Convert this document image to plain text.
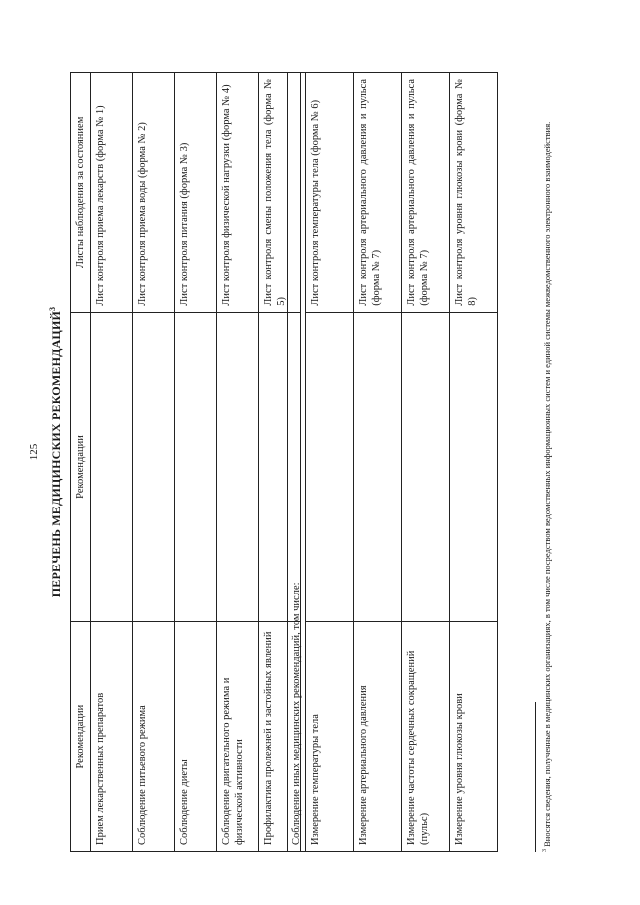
125 ПЕРЕЧЕНЬ МЕДИЦИНСКИХ РЕКОМЕНДАЦИЙ$^3$
Рекомендации	Рекомендации	Листы наблюдения за состоянием
Прием лекарственных препаратов		Лист контроля приема лекарств (форма № 1)
Соблюдение питьевого режима		Лист контроля приема воды (форма № 2)
Соблюдение диеты		Лист контроля питания (форма № 3)
Соблюдение двигательного режима и физической активности		Лист контроля физической нагрузки (форма № 4)
Профилактика пролежней и застойных явлений		Лист контроля смены положения тела (форма № 5)
Соблюдение иных медицинских рекомендаций, том числе:		
Измерение температуры тела		Лист контроля температуры тела (форма № 6)
Измерение артериального давления		Лист контроля артериального давления и пульса (форма № 7)
Измерение частоты сердечных сокращений (пульс)		Лист контроля артериального давления и пульса (форма № 7)
Измерение уровня глюкозы крови		Лист контроля уровня глюкозы крови (форма № 8)
$^3$ Вносятся сведения, полученные в медицинских организациях, в том числе посредством ведомственных информационных систем и единой системы межведомственного электронного взаимодействия.
